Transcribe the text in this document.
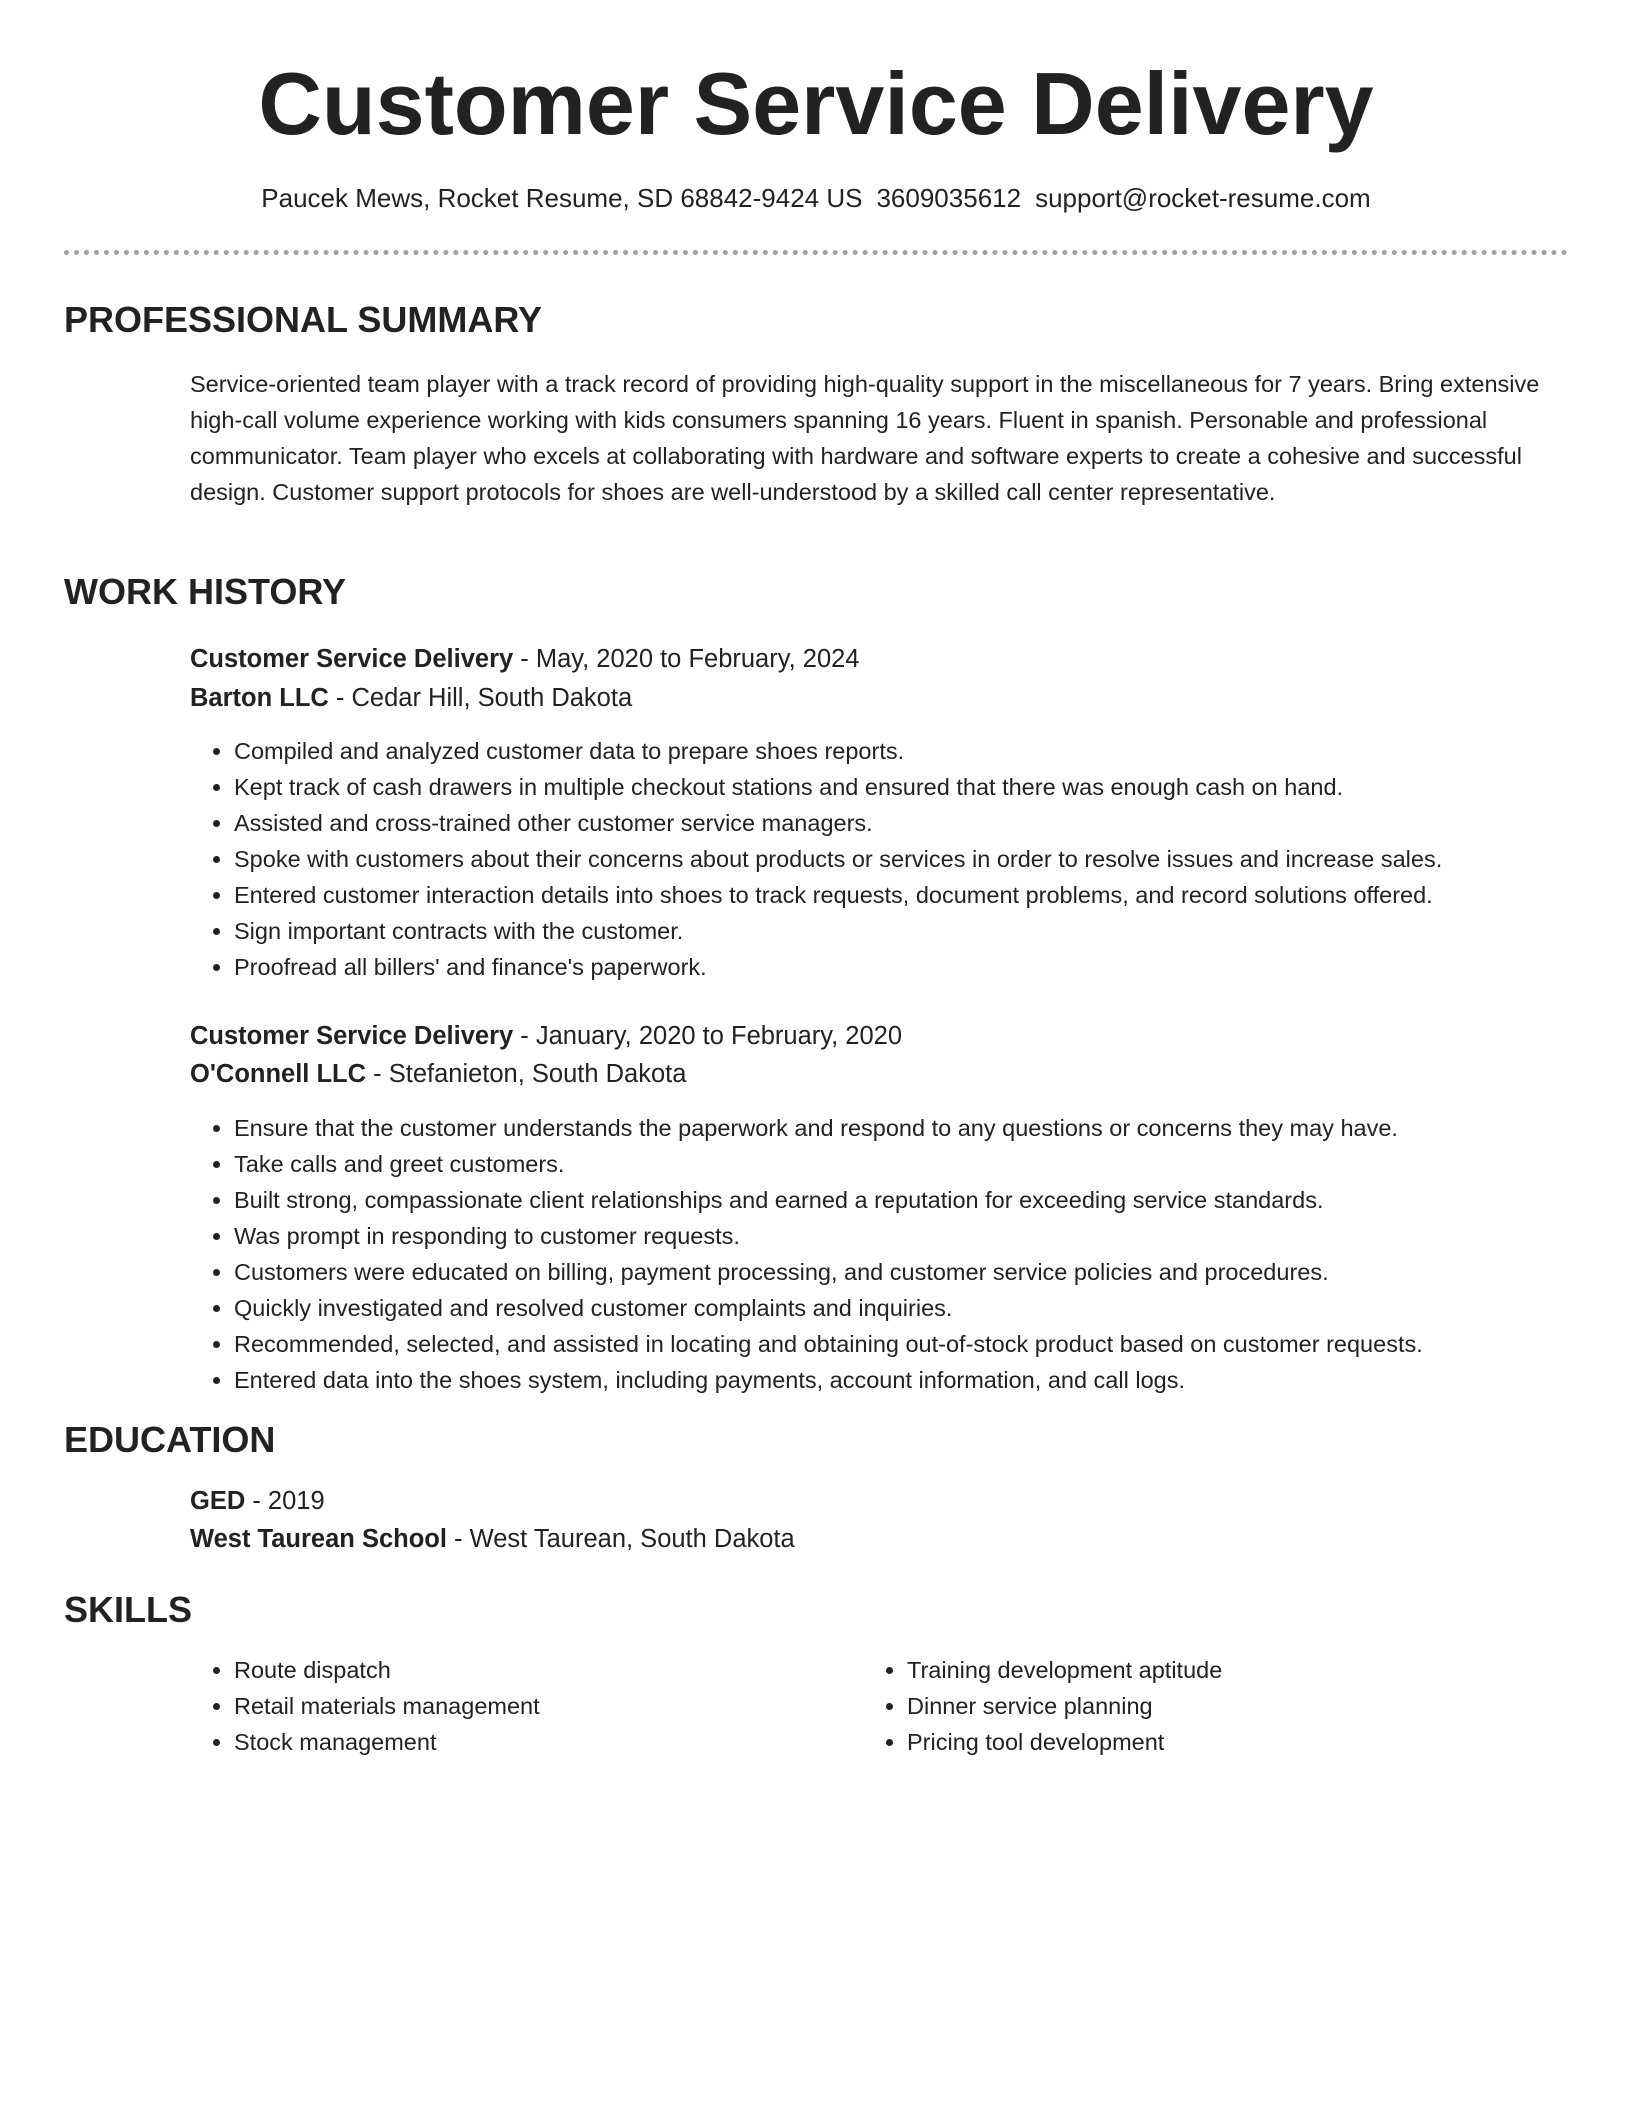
Customer Service Delivery
Paucek Mews, Rocket Resume, SD 68842-9424 US 3609035612 support@rocket-resume.com
PROFESSIONAL SUMMARY
Service-oriented team player with a track record of providing high-quality support in the miscellaneous for 7 years. Bring extensive high-call volume experience working with kids consumers spanning 16 years. Fluent in spanish. Personable and professional communicator. Team player who excels at collaborating with hardware and software experts to create a cohesive and successful design. Customer support protocols for shoes are well-understood by a skilled call center representative.
WORK HISTORY
Customer Service Delivery - May, 2020 to February, 2024
Barton LLC - Cedar Hill, South Dakota
• Compiled and analyzed customer data to prepare shoes reports.
• Kept track of cash drawers in multiple checkout stations and ensured that there was enough cash on hand.
• Assisted and cross-trained other customer service managers.
• Spoke with customers about their concerns about products or services in order to resolve issues and increase sales.
• Entered customer interaction details into shoes to track requests, document problems, and record solutions offered.
• Sign important contracts with the customer.
• Proofread all billers' and finance's paperwork.
Customer Service Delivery - January, 2020 to February, 2020
O'Connell LLC - Stefanieton, South Dakota
• Ensure that the customer understands the paperwork and respond to any questions or concerns they may have.
• Take calls and greet customers.
• Built strong, compassionate client relationships and earned a reputation for exceeding service standards.
• Was prompt in responding to customer requests.
• Customers were educated on billing, payment processing, and customer service policies and procedures.
• Quickly investigated and resolved customer complaints and inquiries.
• Recommended, selected, and assisted in locating and obtaining out-of-stock product based on customer requests.
• Entered data into the shoes system, including payments, account information, and call logs.
EDUCATION
GED - 2019
West Taurean School - West Taurean, South Dakota
SKILLS
• Route dispatch
• Retail materials management
• Stock management
• Training development aptitude
• Dinner service planning
• Pricing tool development
